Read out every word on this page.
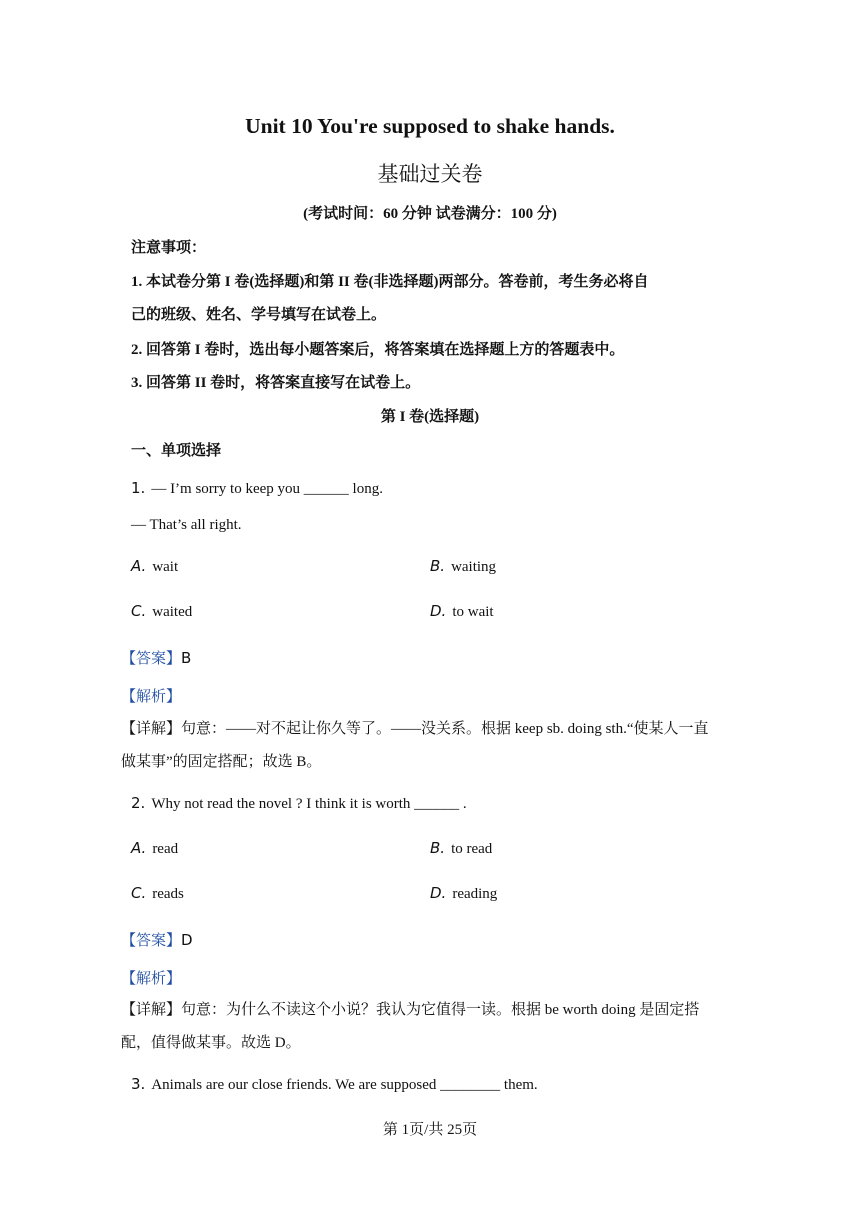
Unit 10 You're supposed to shake hands.
基础过关卷
(考试时间：60 分钟 试卷满分：100 分)
注意事项：
1. 本试卷分第 I 卷(选择题)和第 II 卷(非选择题)两部分。答卷前，考生务必将自
己的班级、姓名、学号填写在试卷上。
2. 回答第 I 卷时，选出每小题答案后，将答案填在选择题上方的答题表中。
3. 回答第 II 卷时，将答案直接写在试卷上。
第 I 卷(选择题)
一、单项选择
1. — I’m sorry to keep you ______ long.
— That’s all right.
A. wait	B. waiting
C. waited	D. to wait
【答案】B
【解析】
【详解】句意：——对不起让你久等了。——没关系。根据 keep sb. doing sth.“使某人一直做某事”的固定搭配；故选 B。
2. Why not read the novel ? I think it is worth ______ .
A. read	B. to read
C. reads	D. reading
【答案】D
【解析】
【详解】句意：为什么不读这个小说？我认为它值得一读。根据 be worth doing 是固定搭配，值得做某事。故选 D。
3. Animals are our close friends. We are supposed ________ them.
第 1页/共 25页
